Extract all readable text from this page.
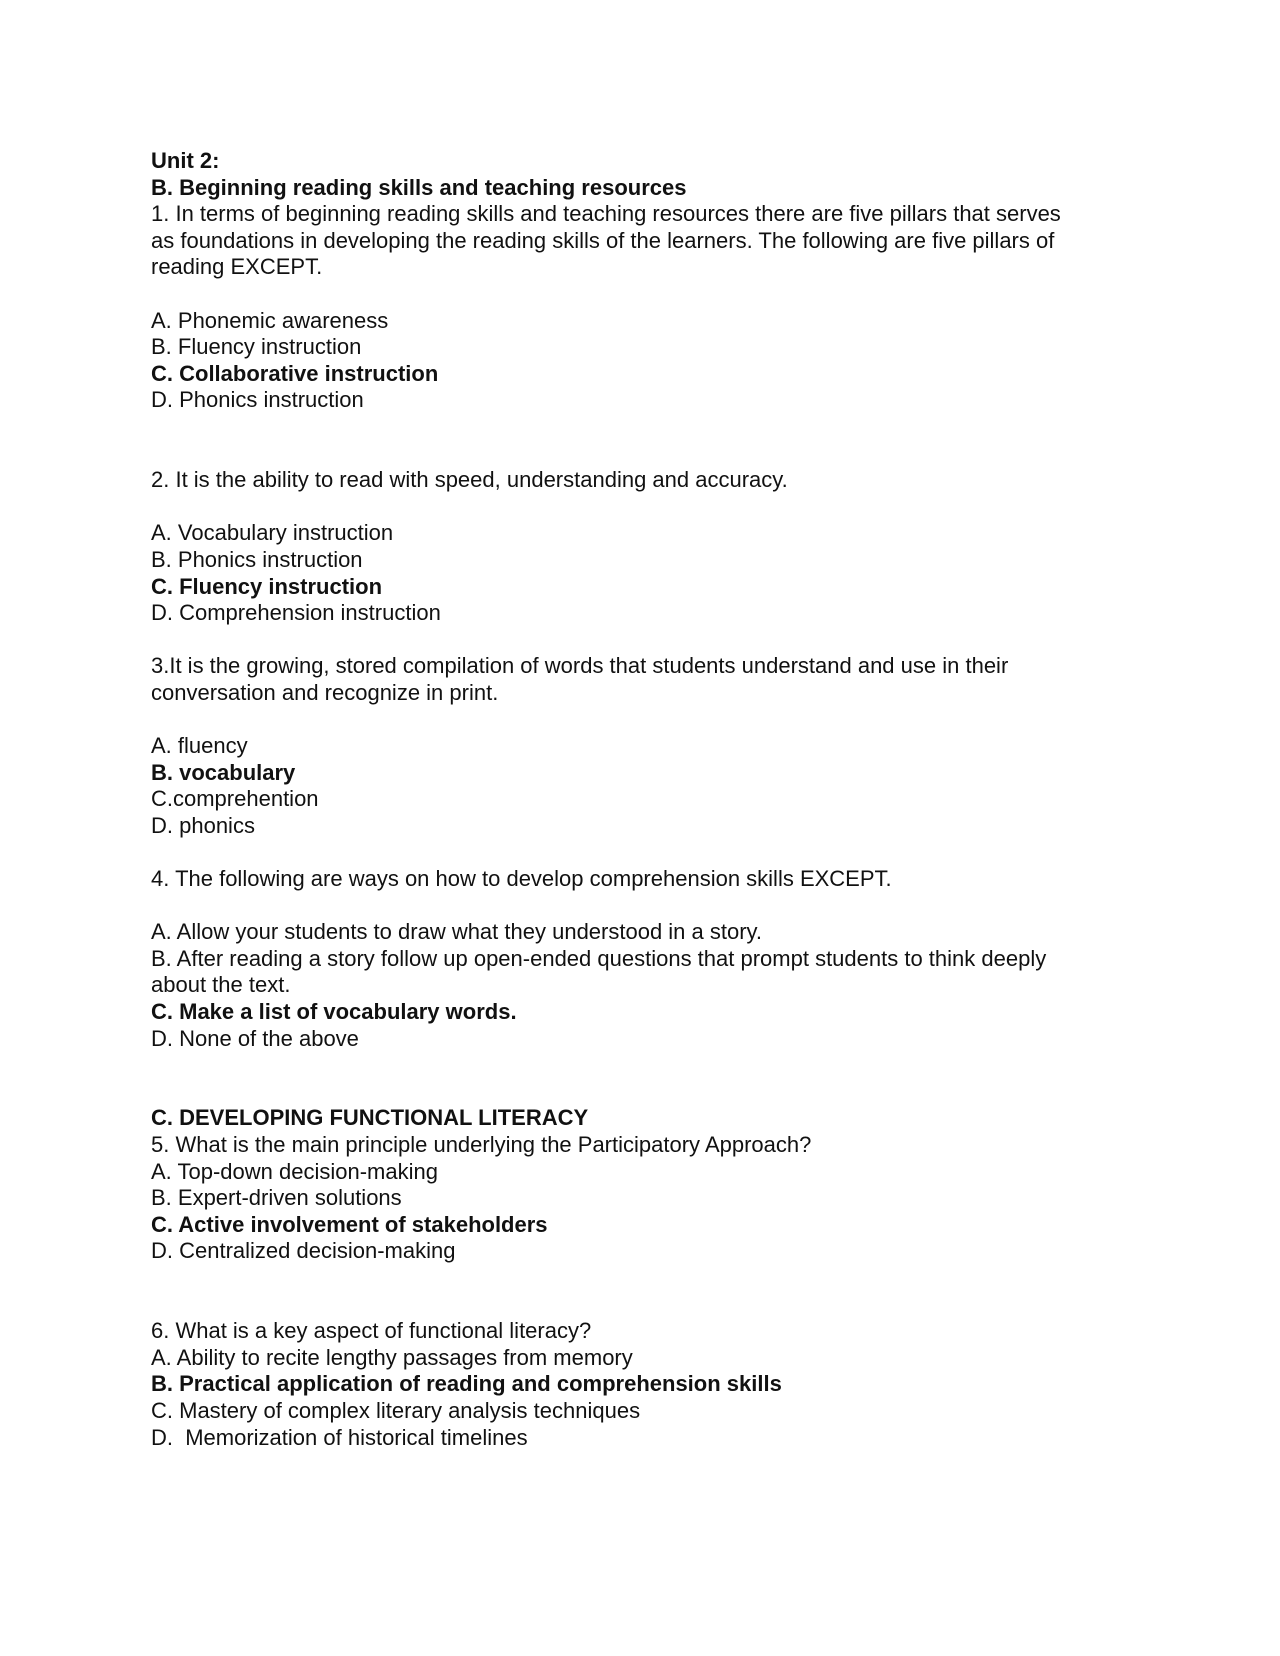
Unit 2:
B. Beginning reading skills and teaching resources
1. In terms of beginning reading skills and teaching resources there are five pillars that serves
as foundations in developing the reading skills of the learners. The following are five pillars of
reading EXCEPT.
A. Phonemic awareness
B. Fluency instruction
C. Collaborative instruction
D. Phonics instruction
2. It is the ability to read with speed, understanding and accuracy.
A. Vocabulary instruction
B. Phonics instruction
C. Fluency instruction
D. Comprehension instruction
3.It is the growing, stored compilation of words that students understand and use in their
conversation and recognize in print.
A. fluency
B. vocabulary
C.comprehention
D. phonics
4. The following are ways on how to develop comprehension skills EXCEPT.
A. Allow your students to draw what they understood in a story.
B. After reading a story follow up open-ended questions that prompt students to think deeply
about the text.
C. Make a list of vocabulary words.
D. None of the above
C. DEVELOPING FUNCTIONAL LITERACY
5. What is the main principle underlying the Participatory Approach?
A. Top-down decision-making
B. Expert-driven solutions
C. Active involvement of stakeholders
D. Centralized decision-making
6. What is a key aspect of functional literacy?
A. Ability to recite lengthy passages from memory
B. Practical application of reading and comprehension skills
C. Mastery of complex literary analysis techniques
D.  Memorization of historical timelines
